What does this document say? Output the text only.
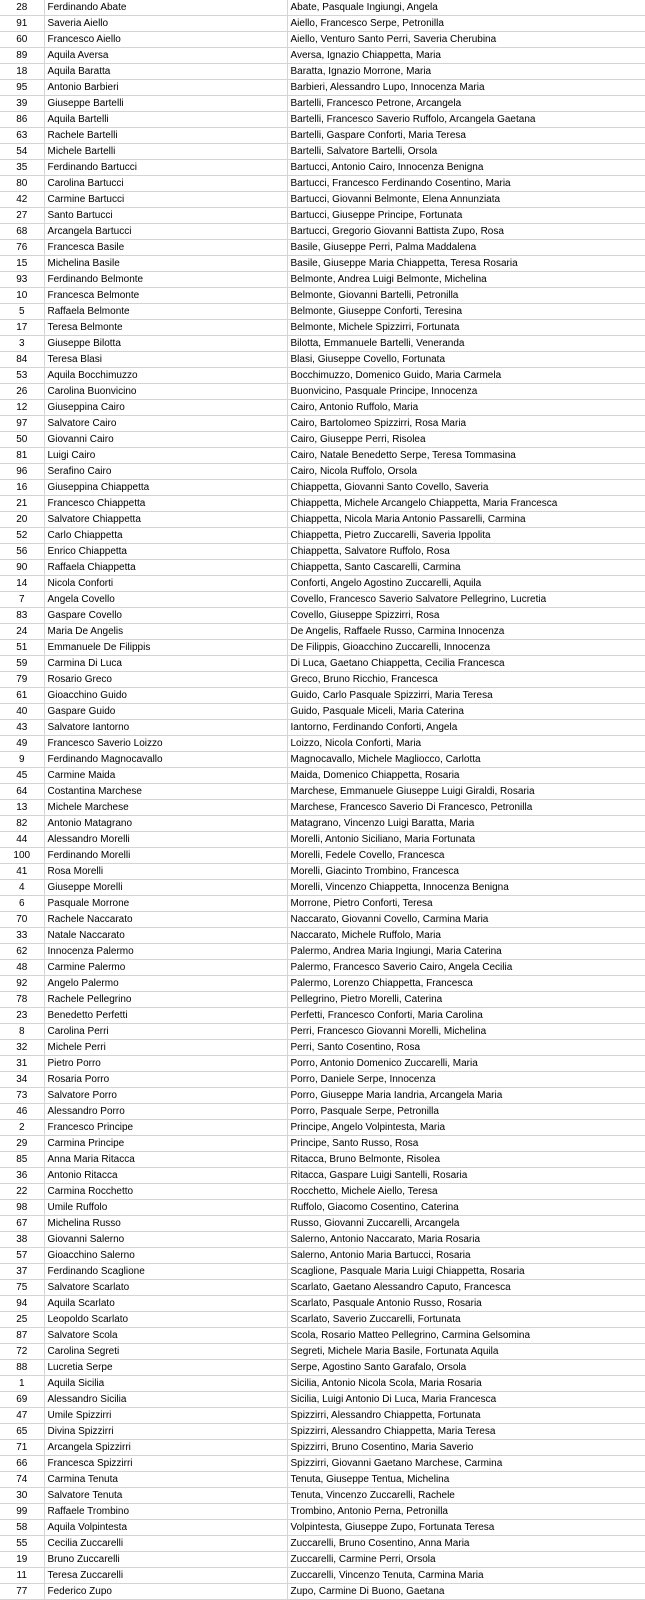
28	Ferdinando Abate	Abate, Pasquale Ingiungi, Angela
91	Saveria Aiello	Aiello, Francesco Serpe, Petronilla
60	Francesco Aiello	Aiello, Venturo Santo Perri, Saveria Cherubina
89	Aquila Aversa	Aversa, Ignazio Chiappetta, Maria
18	Aquila Baratta	Baratta, Ignazio Morrone, Maria
95	Antonio Barbieri	Barbieri, Alessandro Lupo, Innocenza Maria
39	Giuseppe Bartelli	Bartelli, Francesco Petrone, Arcangela
86	Aquila Bartelli	Bartelli, Francesco Saverio Ruffolo, Arcangela Gaetana
63	Rachele Bartelli	Bartelli, Gaspare Conforti, Maria Teresa
54	Michele Bartelli	Bartelli, Salvatore Bartelli, Orsola
35	Ferdinando Bartucci	Bartucci, Antonio Cairo, Innocenza Benigna
80	Carolina Bartucci	Bartucci, Francesco Ferdinando Cosentino, Maria
42	Carmine Bartucci	Bartucci, Giovanni Belmonte, Elena Annunziata
27	Santo Bartucci	Bartucci, Giuseppe Principe, Fortunata
68	Arcangela Bartucci	Bartucci, Gregorio Giovanni Battista Zupo, Rosa
76	Francesca Basile	Basile, Giuseppe Perri, Palma Maddalena
15	Michelina Basile	Basile, Giuseppe Maria Chiappetta, Teresa Rosaria
93	Ferdinando Belmonte	Belmonte, Andrea Luigi Belmonte, Michelina
10	Francesca Belmonte	Belmonte, Giovanni Bartelli, Petronilla
5	Raffaela Belmonte	Belmonte, Giuseppe Conforti, Teresina
17	Teresa Belmonte	Belmonte, Michele Spizzirri, Fortunata
3	Giuseppe Bilotta	Bilotta, Emmanuele Bartelli, Veneranda
84	Teresa Blasi	Blasi, Giuseppe Covello, Fortunata
53	Aquila Bocchimuzzo	Bocchimuzzo, Domenico Guido, Maria Carmela
26	Carolina Buonvicino	Buonvicino, Pasquale Principe, Innocenza
12	Giuseppina Cairo	Cairo, Antonio Ruffolo, Maria
97	Salvatore Cairo	Cairo, Bartolomeo Spizzirri, Rosa Maria
50	Giovanni Cairo	Cairo, Giuseppe Perri, Risolea
81	Luigi Cairo	Cairo, Natale Benedetto Serpe, Teresa Tommasina
96	Serafino Cairo	Cairo, Nicola Ruffolo, Orsola
16	Giuseppina Chiappetta	Chiappetta, Giovanni Santo Covello, Saveria
21	Francesco Chiappetta	Chiappetta, Michele Arcangelo Chiappetta, Maria Francesca
20	Salvatore Chiappetta	Chiappetta, Nicola Maria Antonio Passarelli, Carmina
52	Carlo Chiappetta	Chiappetta, Pietro Zuccarelli, Saveria Ippolita
56	Enrico Chiappetta	Chiappetta, Salvatore Ruffolo, Rosa
90	Raffaela Chiappetta	Chiappetta, Santo Cascarelli, Carmina
14	Nicola Conforti	Conforti, Angelo Agostino Zuccarelli, Aquila
7	Angela Covello	Covello, Francesco Saverio Salvatore Pellegrino, Lucretia
83	Gaspare Covello	Covello, Giuseppe Spizzirri, Rosa
24	Maria De Angelis	De Angelis, Raffaele Russo, Carmina Innocenza
51	Emmanuele De Filippis	De Filippis, Gioacchino Zuccarelli, Innocenza
59	Carmina Di Luca	Di Luca, Gaetano Chiappetta, Cecilia Francesca
79	Rosario Greco	Greco, Bruno Ricchio, Francesca
61	Gioacchino Guido	Guido, Carlo Pasquale Spizzirri, Maria Teresa
40	Gaspare Guido	Guido, Pasquale Miceli, Maria Caterina
43	Salvatore Iantorno	Iantorno, Ferdinando Conforti, Angela
49	Francesco Saverio Loizzo	Loizzo, Nicola Conforti, Maria
9	Ferdinando Magnocavallo	Magnocavallo, Michele Magliocco, Carlotta
45	Carmine Maida	Maida, Domenico Chiappetta, Rosaria
64	Costantina Marchese	Marchese, Emmanuele Giuseppe Luigi Giraldi, Rosaria
13	Michele Marchese	Marchese, Francesco Saverio Di Francesco, Petronilla
82	Antonio Matagrano	Matagrano, Vincenzo Luigi Baratta, Maria
44	Alessandro Morelli	Morelli, Antonio Siciliano, Maria Fortunata
100	Ferdinando Morelli	Morelli, Fedele Covello, Francesca
41	Rosa Morelli	Morelli, Giacinto Trombino, Francesca
4	Giuseppe Morelli	Morelli, Vincenzo Chiappetta, Innocenza Benigna
6	Pasquale Morrone	Morrone, Pietro Conforti, Teresa
70	Rachele Naccarato	Naccarato, Giovanni Covello, Carmina Maria
33	Natale Naccarato	Naccarato, Michele Ruffolo, Maria
62	Innocenza Palermo	Palermo, Andrea Maria Ingiungi, Maria Caterina
48	Carmine Palermo	Palermo, Francesco Saverio Cairo, Angela Cecilia
92	Angelo Palermo	Palermo, Lorenzo Chiappetta, Francesca
78	Rachele Pellegrino	Pellegrino, Pietro Morelli, Caterina
23	Benedetto Perfetti	Perfetti, Francesco Conforti, Maria Carolina
8	Carolina Perri	Perri, Francesco Giovanni Morelli, Michelina
32	Michele Perri	Perri, Santo Cosentino, Rosa
31	Pietro Porro	Porro, Antonio Domenico Zuccarelli, Maria
34	Rosaria Porro	Porro, Daniele Serpe, Innocenza
73	Salvatore Porro	Porro, Giuseppe Maria Iandria, Arcangela Maria
46	Alessandro Porro	Porro, Pasquale Serpe, Petronilla
2	Francesco Principe	Principe, Angelo Volpintesta, Maria
29	Carmina Principe	Principe, Santo Russo, Rosa
85	Anna Maria Ritacca	Ritacca, Bruno Belmonte, Risolea
36	Antonio Ritacca	Ritacca, Gaspare Luigi Santelli, Rosaria
22	Carmina Rocchetto	Rocchetto, Michele Aiello, Teresa
98	Umile Ruffolo	Ruffolo, Giacomo Cosentino, Caterina
67	Michelina Russo	Russo, Giovanni Zuccarelli, Arcangela
38	Giovanni Salerno	Salerno, Antonio Naccarato, Maria Rosaria
57	Gioacchino Salerno	Salerno, Antonio Maria Bartucci, Rosaria
37	Ferdinando Scaglione	Scaglione, Pasquale Maria Luigi Chiappetta, Rosaria
75	Salvatore Scarlato	Scarlato, Gaetano Alessandro Caputo, Francesca
94	Aquila Scarlato	Scarlato, Pasquale Antonio Russo, Rosaria
25	Leopoldo Scarlato	Scarlato, Saverio Zuccarelli, Fortunata
87	Salvatore Scola	Scola, Rosario Matteo Pellegrino, Carmina Gelsomina
72	Carolina Segreti	Segreti, Michele Maria Basile, Fortunata Aquila
88	Lucretia Serpe	Serpe, Agostino Santo Garafalo, Orsola
1	Aquila Sicilia	Sicilia, Antonio Nicola Scola, Maria Rosaria
69	Alessandro Sicilia	Sicilia, Luigi Antonio Di Luca, Maria Francesca
47	Umile Spizzirri	Spizzirri, Alessandro Chiappetta, Fortunata
65	Divina Spizzirri	Spizzirri, Alessandro Chiappetta, Maria Teresa
71	Arcangela Spizzirri	Spizzirri, Bruno Cosentino, Maria Saverio
66	Francesca Spizzirri	Spizzirri, Giovanni Gaetano Marchese, Carmina
74	Carmina Tenuta	Tenuta, Giuseppe Tentua, Michelina
30	Salvatore Tenuta	Tenuta, Vincenzo Zuccarelli, Rachele
99	Raffaele Trombino	Trombino, Antonio Perna, Petronilla
58	Aquila Volpintesta	Volpintesta, Giuseppe Zupo, Fortunata Teresa
55	Cecilia Zuccarelli	Zuccarelli, Bruno Cosentino, Anna Maria
19	Bruno Zuccarelli	Zuccarelli, Carmine Perri, Orsola
11	Teresa Zuccarelli	Zuccarelli, Vincenzo Tenuta, Carmina Maria
77	Federico Zupo	Zupo, Carmine Di Buono, Gaetana
